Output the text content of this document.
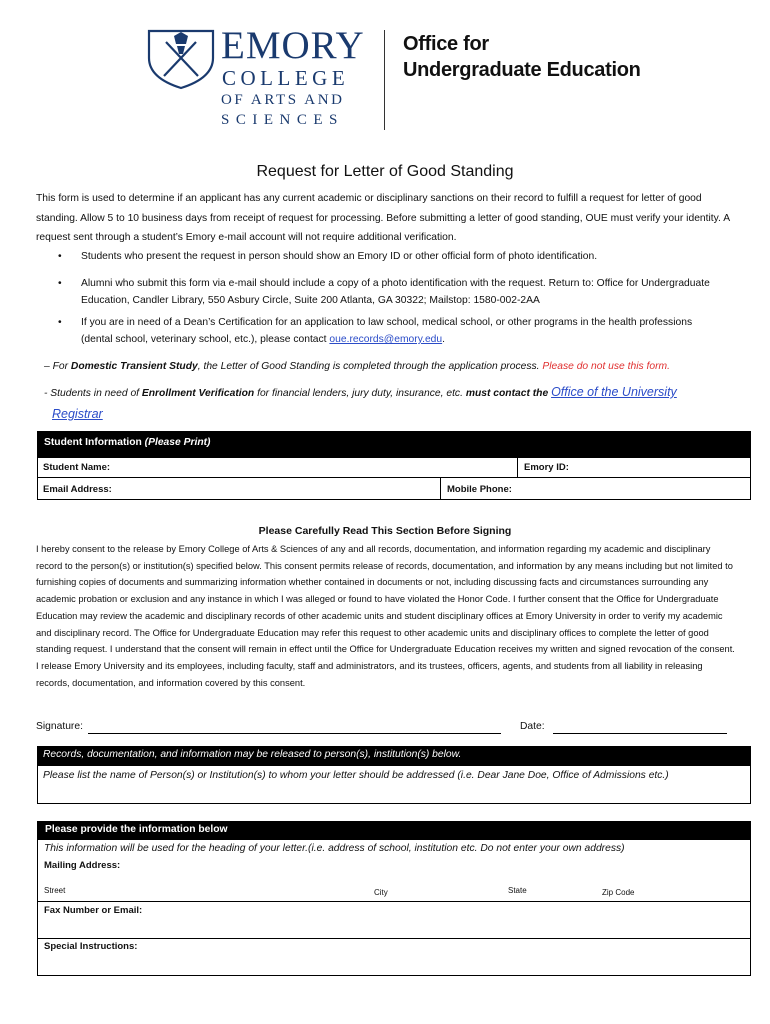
EMORY
COLLEGE
OF ARTS AND
SCIENCES
Office for
Undergraduate Education
Request for Letter of Good Standing
This form is used to determine if an applicant has any current academic or disciplinary sanctions on their record to fulfill a request for letter of good standing. Allow 5 to 10 business days from receipt of request for processing. Before submitting a letter of good standing, OUE must verify your identity. A request sent through a student’s Emory e-mail account will not require additional verification.
• Students who present the request in person should show an Emory ID or other official form of photo identification.
• Alumni who submit this form via e-mail should include a copy of a photo identification with the request. Return to: Office for Undergraduate Education, Candler Library, 550 Asbury Circle, Suite 200 Atlanta, GA 30322; Mailstop: 1580-002-2AA
• If you are in need of a Dean’s Certification for an application to law school, medical school, or other programs in the health professions (dental school, veterinary school, etc.), please contact oue.records@emory.edu.
– For Domestic Transient Study, the Letter of Good Standing is completed through the application process. Please do not use this form.
- Students in need of Enrollment Verification for financial lenders, jury duty, insurance, etc. must contact the Office of the University
Registrar
Student Information (Please Print)
Student Name:	Emory ID:
Email Address:	Mobile Phone:
Please Carefully Read This Section Before Signing
I hereby consent to the release by Emory College of Arts & Sciences of any and all records, documentation, and information regarding my academic and disciplinary record to the person(s) or institution(s) specified below. This consent permits release of records, documentation, and information by any means including but not limited to furnishing copies of documents and summarizing information whether contained in documents or not, including discussing facts and circumstances surrounding any academic probation or exclusion and any instance in which I was alleged or found to have violated the Honor Code. I further consent that the Office for Undergraduate Education may review the academic and disciplinary records of other academic units and student disciplinary offices at Emory University in order to verify my academic and disciplinary record. The Office for Undergraduate Education may refer this request to other academic units and disciplinary offices to complete the letter of good standing request. I understand that the consent will remain in effect until the Office for Undergraduate Education receives my written and signed revocation of the consent. I release Emory University and its employees, including faculty, staff and administrators, and its trustees, officers, agents, and students from all liability in releasing records, documentation, and information covered by this consent.
Signature:	Date:
Records, documentation, and information may be released to person(s), institution(s) below.
Please list the name of Person(s) or Institution(s) to whom your letter should be addressed (i.e. Dear Jane Doe, Office of Admissions etc.)
Please provide the information below
This information will be used for the heading of your letter.(i.e. address of school, institution etc. Do not enter your own address)
Mailing Address:
Street	City	State	Zip Code
Fax Number or Email:
Special Instructions:
